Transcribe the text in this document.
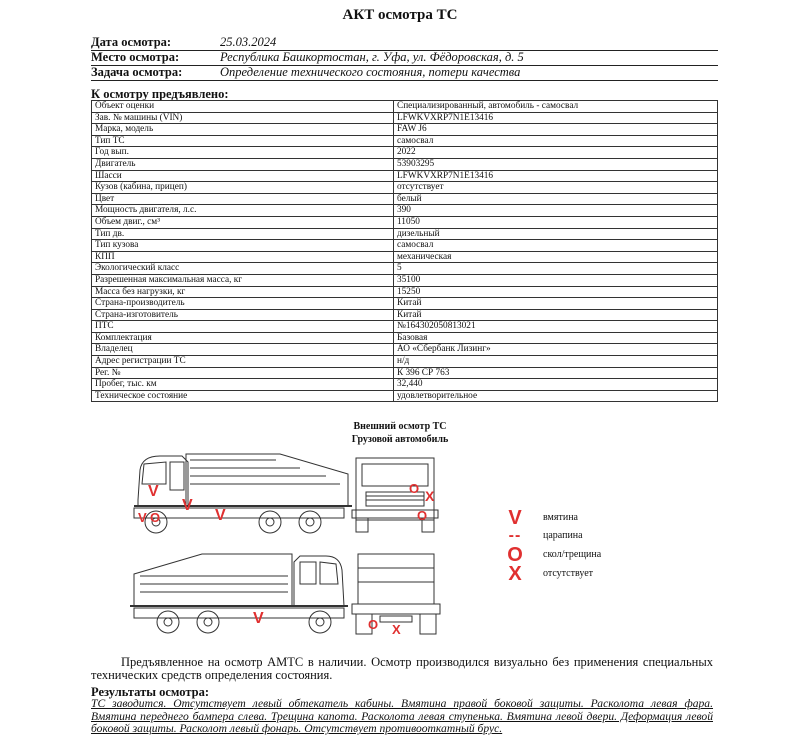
АКТ осмотра ТС
Дата осмотра:	25.03.2024
Место осмотра:	Республика Башкортостан, г. Уфа, ул. Фёдоровская, д. 5
Задача осмотра:	Определение технического состояния, потери качества
К осмотру предъявлено:
Объект оценки	Специализированный, автомобиль - самосвал
Зав. № машины (VIN)	LFWKVXRP7N1E13416
Марка, модель	FAW J6
Тип ТС	самосвал
Год вып.	2022
Двигатель	53903295
Шасси	LFWKVXRP7N1E13416
Кузов (кабина, прицеп)	отсутствует
Цвет	белый
Мощность двигателя, л.с.	390
Объем двиг., см³	11050
Тип дв.	дизельный
Тип кузова	самосвал
КПП	механическая
Экологический класс	5
Разрешенная максимальная масса, кг	35100
Масса без нагрузки, кг	15250
Страна-производитель	Китай
Страна-изготовитель	Китай
ПТС	№164302050813021
Комплектация	Базовая
Владелец	АО «Сбербанк Лизинг»
Адрес регистрации ТС	н/д
Рег. №	К 396 СР 763
Пробег, тыс. км	32,440
Техническое состояние	удовлетворительное
Внешний осмотр ТС
Грузовой автомобиль
V
V O
V
V
O X
O
V	O X
V	вмятина
--	царапина
O	скол/трещина
X	отсутствует
Предъявленное на осмотр АМТС в наличии. Осмотр производился визуально без применения специальных технических средств определения состояния.
Результаты осмотра:
ТС заводится. Отсутствует левый обтекатель кабины. Вмятина правой боковой защиты. Расколота левая фара. Вмятина переднего бампера слева. Трещина капота. Расколота левая ступенька. Вмятина левой двери. Деформация левой боковой защиты. Расколот левый фонарь. Отсутствует противооткатный брус.
